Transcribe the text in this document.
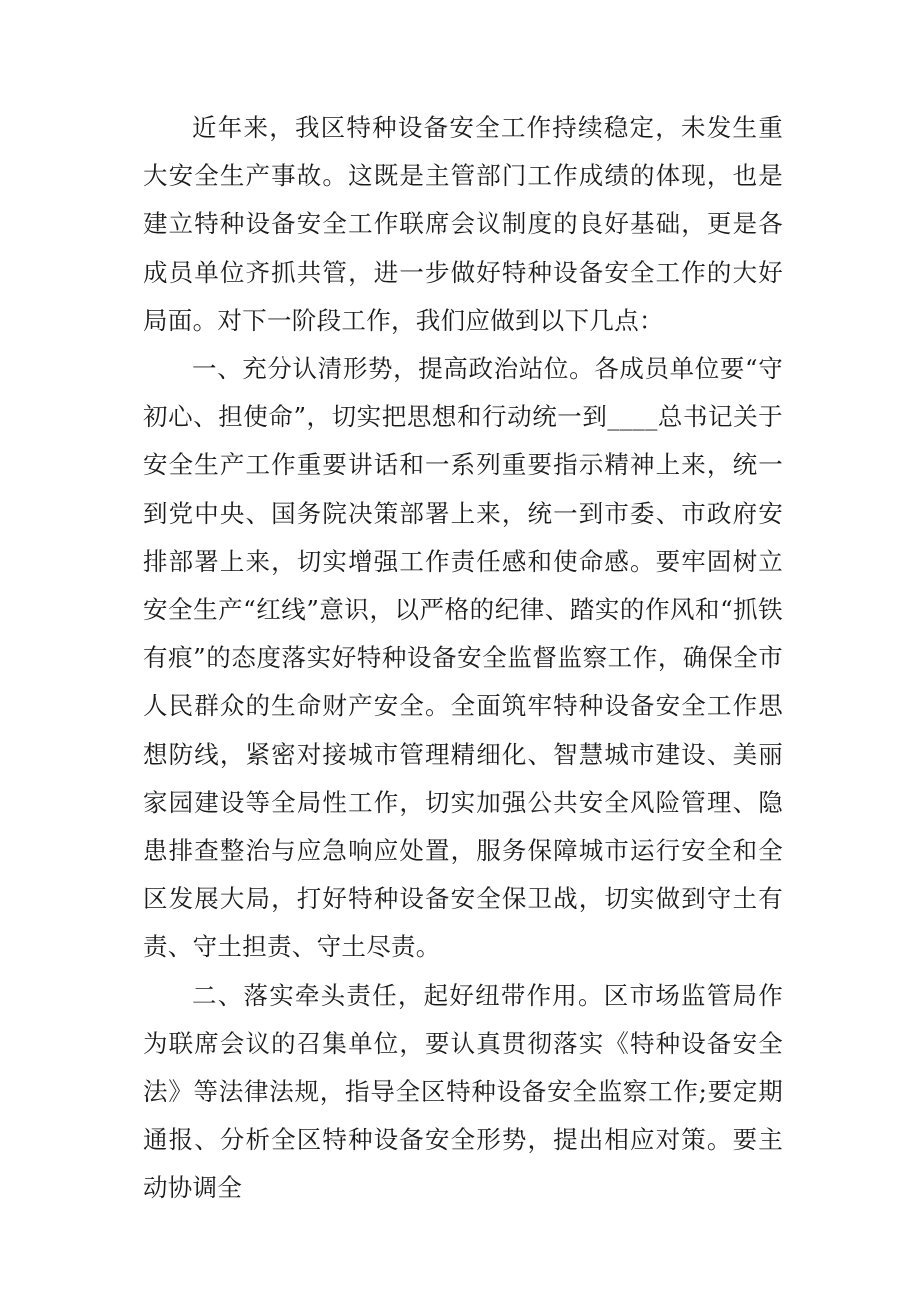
近年来，我区特种设备安全工作持续稳定，未发生重大安全生产事故。这既是主管部门工作成绩的体现，也是建立特种设备安全工作联席会议制度的良好基础，更是各成员单位齐抓共管，进一步做好特种设备安全工作的大好局面。对下一阶段工作，我们应做到以下几点：

一、充分认清形势，提高政治站位。各成员单位要“守初心、担使命”，切实把思想和行动统一到____总书记关于安全生产工作重要讲话和一系列重要指示精神上来，统一到党中央、国务院决策部署上来，统一到市委、市政府安排部署上来，切实增强工作责任感和使命感。要牢固树立安全生产“红线”意识，以严格的纪律、踏实的作风和“抓铁有痕”的态度落实好特种设备安全监督监察工作，确保全市人民群众的生命财产安全。全面筑牢特种设备安全工作思想防线，紧密对接城市管理精细化、智慧城市建设、美丽家园建设等全局性工作，切实加强公共安全风险管理、隐患排查整治与应急响应处置，服务保障城市运行安全和全区发展大局，打好特种设备安全保卫战，切实做到守土有责、守土担责、守土尽责。

二、落实牵头责任，起好纽带作用。区市场监管局作为联席会议的召集单位，要认真贯彻落实《特种设备安全法》等法律法规，指导全区特种设备安全监察工作;要定期通报、分析全区特种设备安全形势，提出相应对策。要主动协调全
